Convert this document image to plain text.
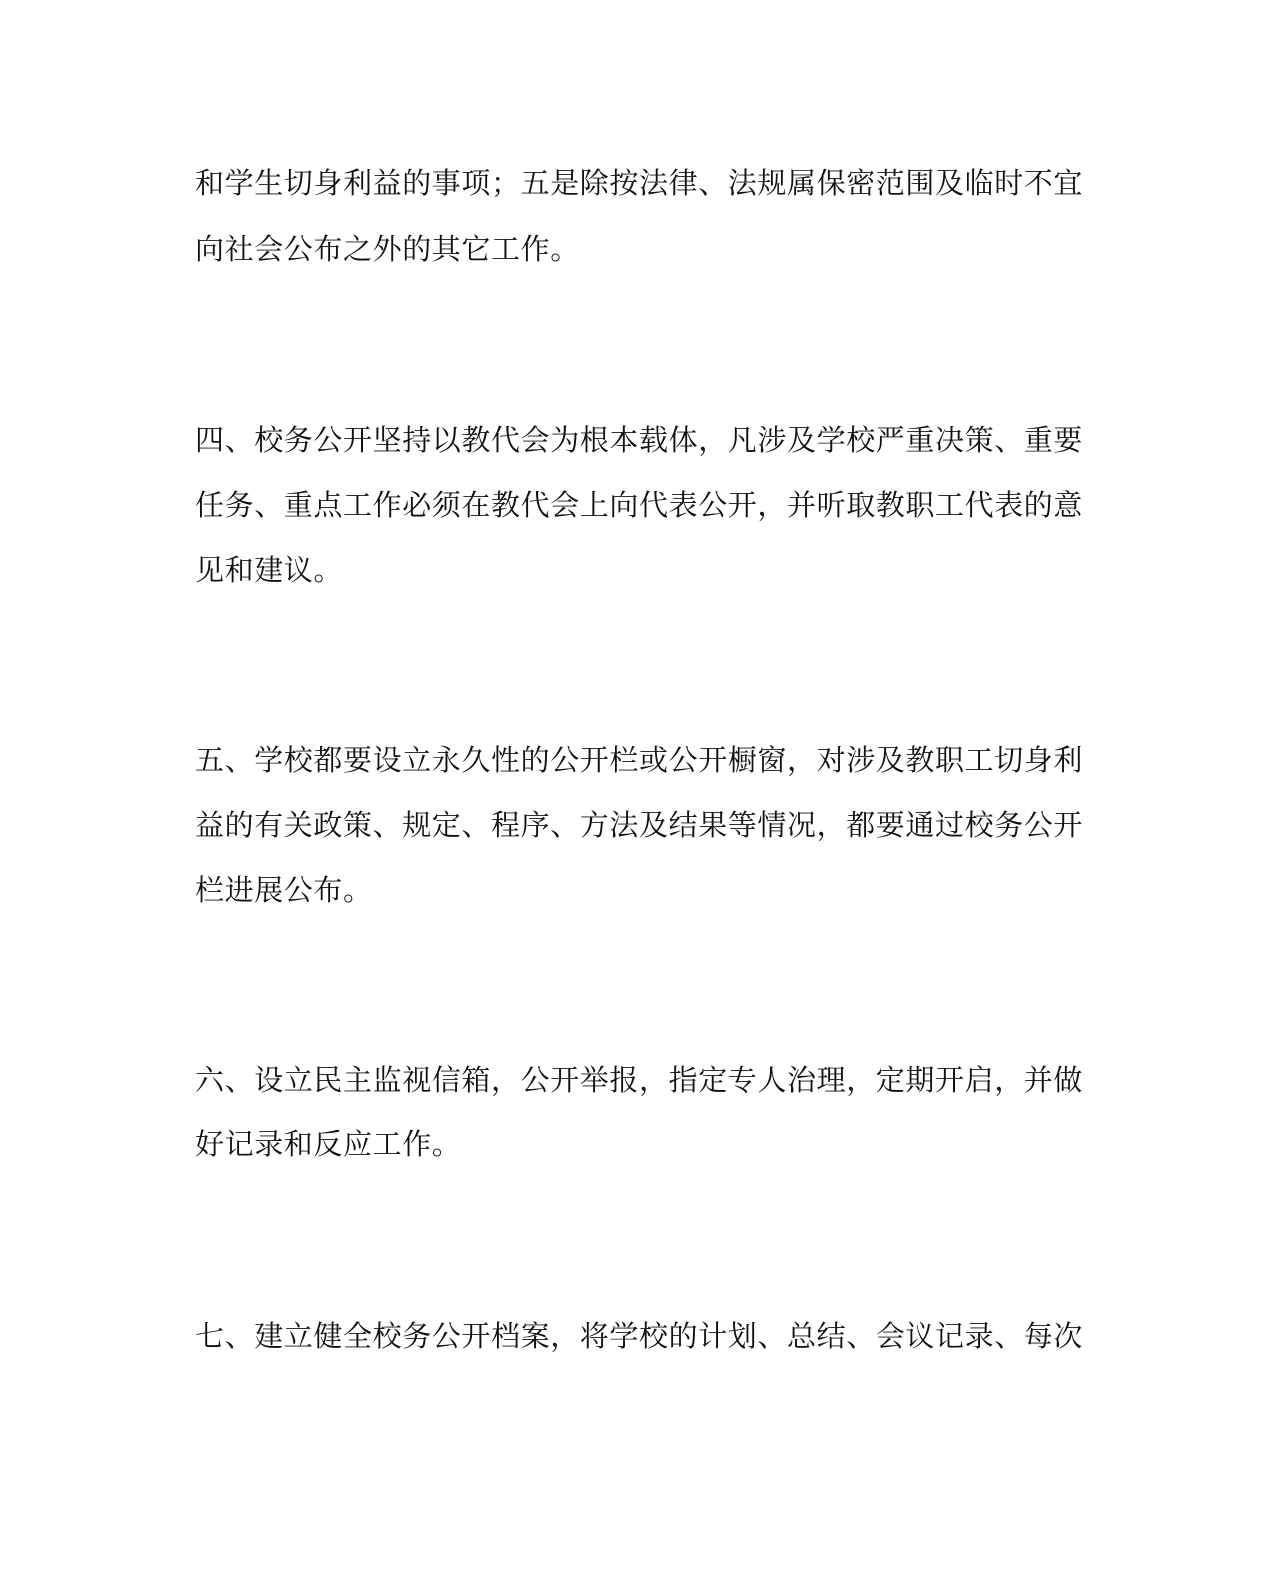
和学生切身利益的事项；五是除按法律、法规属保密范围及临时不宜
向社会公布之外的其它工作。
四、校务公开坚持以教代会为根本载体，凡涉及学校严重决策、重要
任务、重点工作必须在教代会上向代表公开，并听取教职工代表的意
见和建议。
五、学校都要设立永久性的公开栏或公开橱窗，对涉及教职工切身利
益的有关政策、规定、程序、方法及结果等情况，都要通过校务公开
栏进展公布。
六、设立民主监视信箱，公开举报，指定专人治理，定期开启，并做
好记录和反应工作。
七、建立健全校务公开档案，将学校的计划、总结、会议记录、每次
